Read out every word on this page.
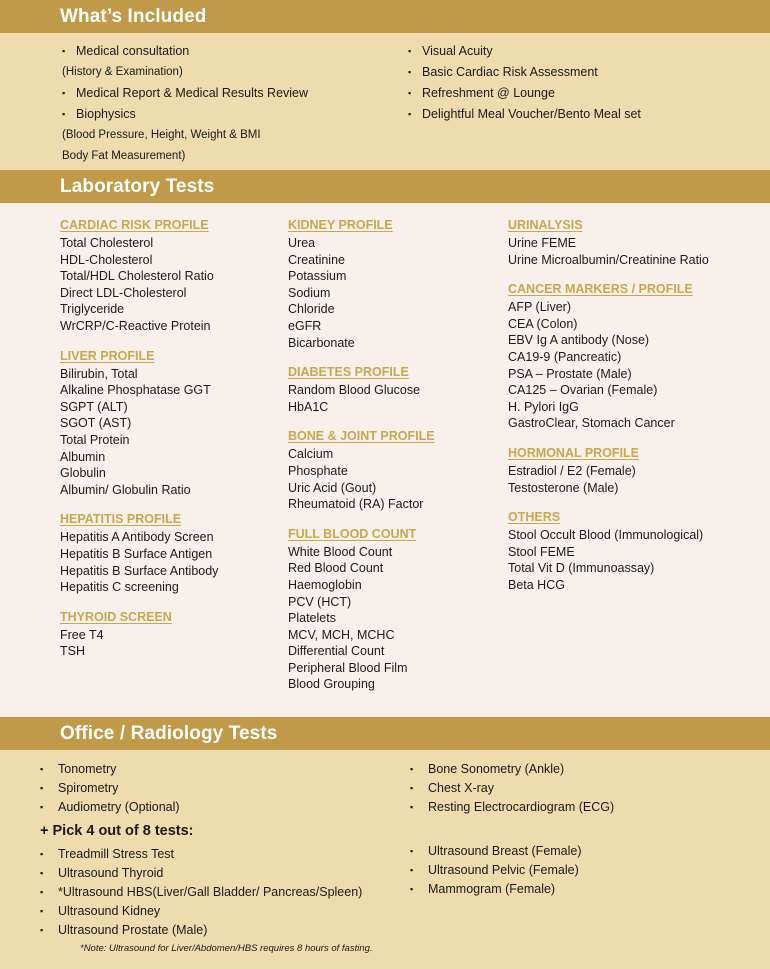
What’s Included
▪
Medical consultation
(History & Examination)
▪
Medical Report & Medical Results Review
▪
Biophysics
(Blood Pressure, Height, Weight & BMI
Body Fat Measurement)
▪
Visual Acuity
▪
Basic Cardiac Risk Assessment
▪
Refreshment @ Lounge
▪
Delightful Meal Voucher/Bento Meal set
Laboratory Tests
CARDIAC RISK PROFILE
Total Cholesterol
HDL-Cholesterol
Total/HDL Cholesterol Ratio
Direct LDL-Cholesterol
Triglyceride
WrCRP/C-Reactive Protein
LIVER PROFILE
Bilirubin, Total
Alkaline Phosphatase GGT
SGPT (ALT)
SGOT (AST)
Total Protein
Albumin
Globulin
Albumin/ Globulin Ratio
HEPATITIS PROFILE
Hepatitis A Antibody Screen
Hepatitis B Surface Antigen
Hepatitis B Surface Antibody
Hepatitis C screening
THYROID SCREEN
Free T4
TSH
KIDNEY PROFILE
Urea
Creatinine
Potassium
Sodium
Chloride
eGFR
Bicarbonate
DIABETES PROFILE
Random Blood Glucose
HbA1C
BONE & JOINT PROFILE
Calcium
Phosphate
Uric Acid (Gout)
Rheumatoid (RA) Factor
FULL BLOOD COUNT
White Blood Count
Red Blood Count
Haemoglobin
PCV (HCT)
Platelets
MCV, MCH, MCHC
Differential Count
Peripheral Blood Film
Blood Grouping
URINALYSIS
Urine FEME
Urine Microalbumin/Creatinine Ratio
CANCER MARKERS / PROFILE
AFP (Liver)
CEA (Colon)
EBV Ig A antibody (Nose)
CA19-9 (Pancreatic)
PSA – Prostate (Male)
CA125 – Ovarian (Female)
H. Pylori IgG
GastroClear, Stomach Cancer
HORMONAL PROFILE
Estradiol / E2 (Female)
Testosterone (Male)
OTHERS
Stool Occult Blood (Immunological)
Stool FEME
Total Vit D (Immunoassay)
Beta HCG
Office / Radiology Tests
▪
Tonometry
▪
Spirometry
▪
Audiometry (Optional)
+ Pick 4 out of 8 tests:
▪
Treadmill Stress Test
▪
Ultrasound Thyroid
▪
*Ultrasound HBS(Liver/Gall Bladder/ Pancreas/Spleen)
▪
Ultrasound Kidney
▪
Ultrasound Prostate (Male)
*Note: Ultrasound for Liver/Abdomen/HBS requires 8 hours of fasting.
▪
Bone Sonometry (Ankle)
▪
Chest X-ray
▪
Resting Electrocardiogram (ECG)
▪
Ultrasound Breast (Female)
▪
Ultrasound Pelvic (Female)
▪
Mammogram (Female)
